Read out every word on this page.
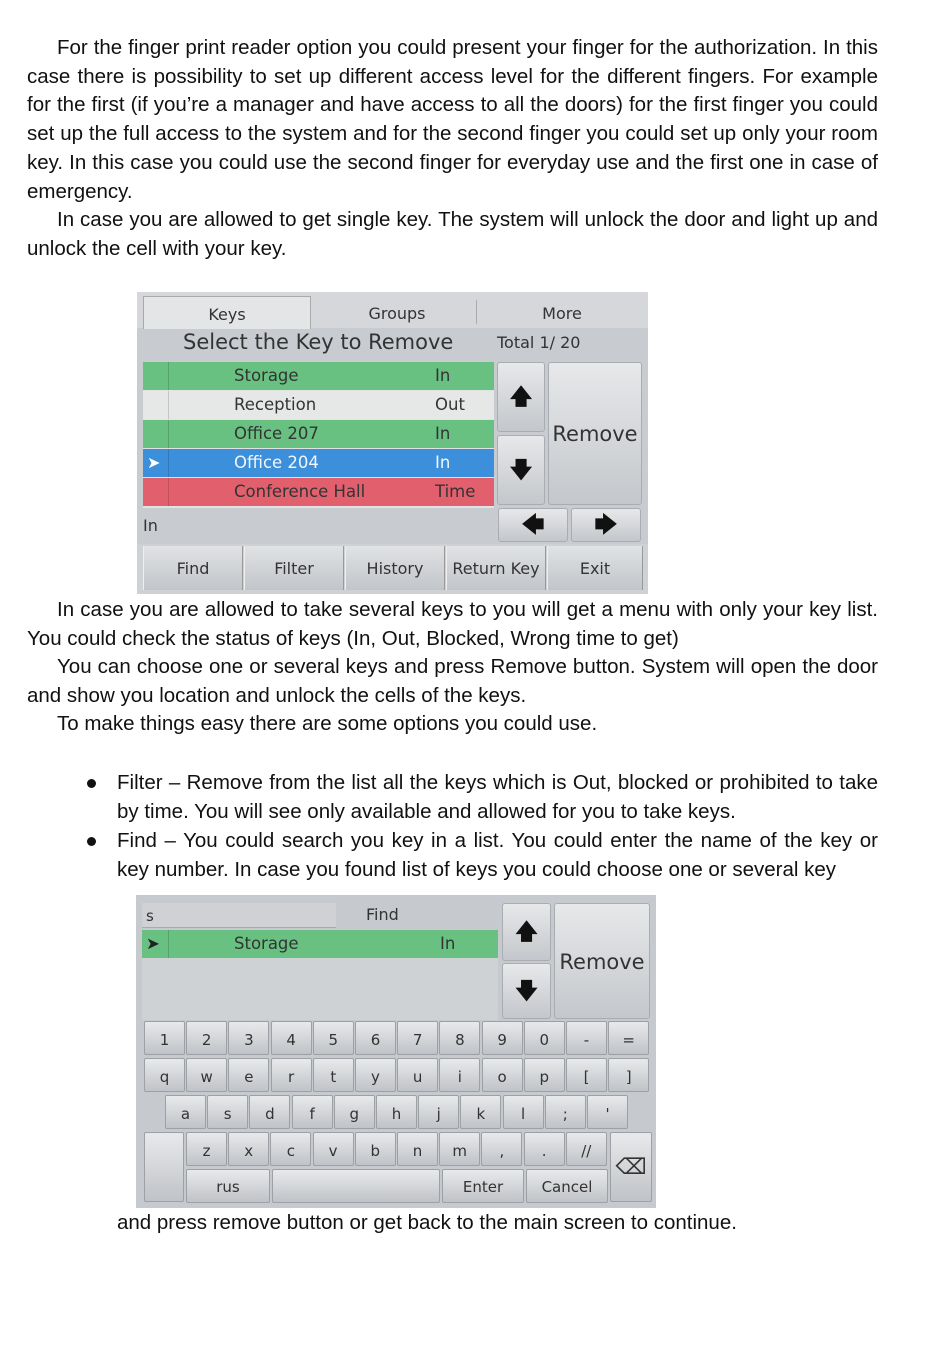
For the finger print reader option you could present your finger for the authorization. In this case there is possibility to set up different access level for the different fingers. For example for the first (if you’re a manager and have access to all the doors) for the first finger you could set up the full access to the system and for the second finger you could set up only your room key. In this case you could use the second finger for everyday use and the first one in case of emergency.

In case you are allowed to get single key. The system will unlock the door and light up and unlock the cell with your key.

Keys	Groups	More
Select the Key to Remove	Total 1/ 20
Storage	In
Reception	Out
Office 207	In
➤	Office 204	In
Conference Hall	Time
🡅
🡇
Remove
In	🡄	🡆
Find	Filter	History	Return Key	Exit

In case you are allowed to take several keys to you will get a menu with only your key list. You could check the status of keys (In, Out, Blocked, Wrong time to get)

You can choose one or several keys and press Remove button. System will open the door and show you location and unlock the cells of the keys.

To make things easy there are some options you could use.

Filter – Remove from the list all the keys which is Out, blocked or prohibited to take by time. You will see only available and allowed for you to take keys.

Find – You could search you key in a list. You could enter the name of the key or key number. In case you found list of keys you could choose one or several key

s	Find
➤	Storage	In	🡅
🡇
Remove
1	2	3	4	5	6	7	8	9	0	-	=
q	w	e	r	t	y	u	i	o	p	[	]
a	s	d	f	g	h	j	k	l	;	'
z	x	c	v	b	n	m	,	.	//
rus	Enter	Cancel
⌫

and press remove button or get back to the main screen to continue.
